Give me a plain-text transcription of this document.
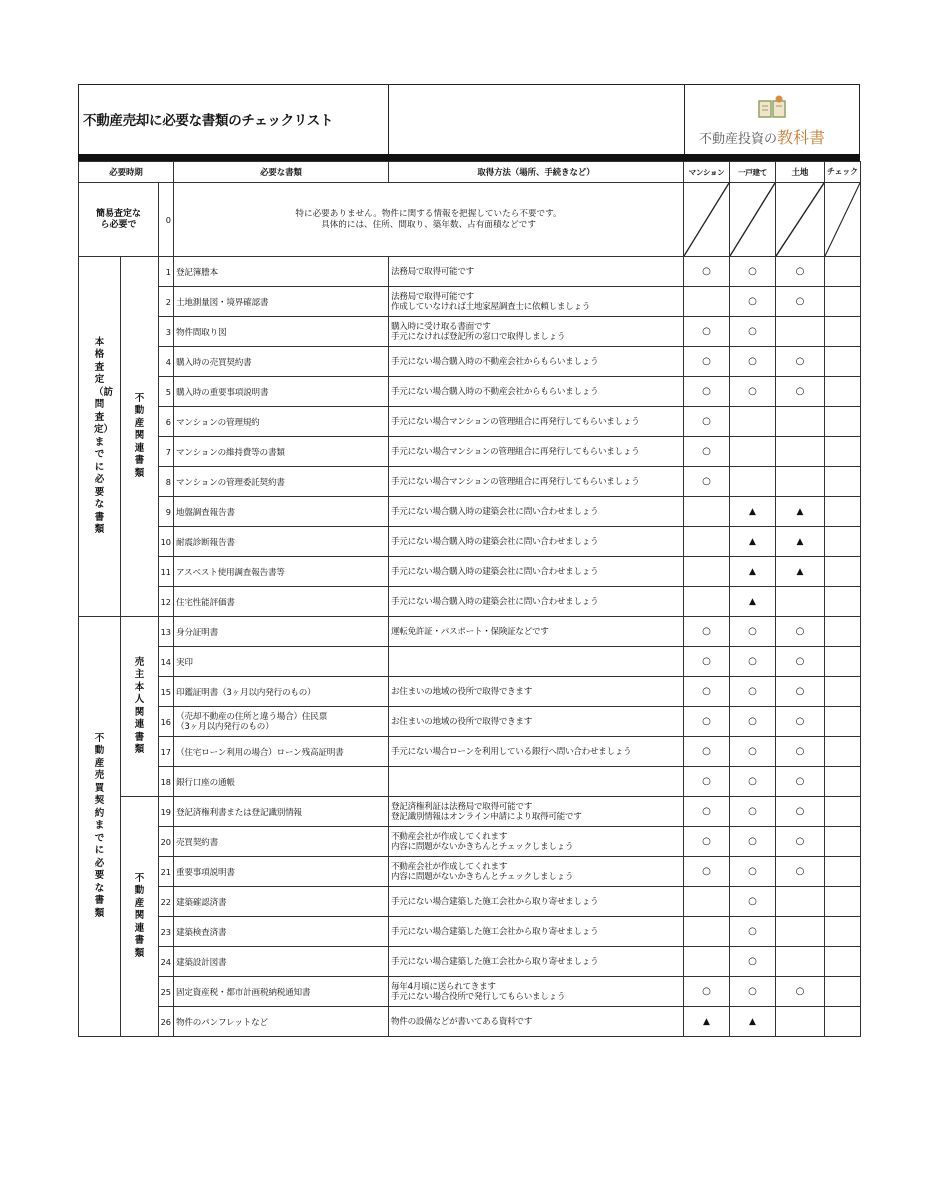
不動産売却に必要な書類のチェックリスト
不動産投資の教科書
必要時期			必要な書類	取得方法（場所、手続きなど）	マンション	一戸建て	土地	チェック
簡易査定なら必要で		0	特に必要ありません。物件に関する情報を把握していたら不要です。
具体的には、住所、間取り、築年数、占有面積などです

本格査定（訪問査定）までに必要な書類	不動産関連書類	1	登記簿謄本	法務局で取得可能です	○	○	○	
		2	土地測量図・境界確認書	法務局で取得可能です
作成していなければ土地家屋調査士に依頼しましょう		○	○	
		3	物件間取り図	購入時に受け取る書面です
手元になければ登記所の窓口で取得しましょう	○	○		
		4	購入時の売買契約書	手元にない場合購入時の不動産会社からもらいましょう	○	○	○	
		5	購入時の重要事項説明書	手元にない場合購入時の不動産会社からもらいましょう	○	○	○	
		6	マンションの管理規約	手元にない場合マンションの管理組合に再発行してもらいましょう	○			
		7	マンションの維持費等の書類	手元にない場合マンションの管理組合に再発行してもらいましょう	○			
		8	マンションの管理委託契約書	手元にない場合マンションの管理組合に再発行してもらいましょう	○			
		9	地盤調査報告書	手元にない場合購入時の建築会社に問い合わせましょう		▲	▲	
		10	耐震診断報告書	手元にない場合購入時の建築会社に問い合わせましょう		▲	▲	
		11	アスベスト使用調査報告書等	手元にない場合購入時の建築会社に問い合わせましょう		▲	▲	
		12	住宅性能評価書	手元にない場合購入時の建築会社に問い合わせましょう		▲		
不動産売買契約までに必要な書類	売主本人関連書類	13	身分証明書	運転免許証・パスポート・保険証などです	○	○	○	
		14	実印		○	○	○	
		15	印鑑証明書（3ヶ月以内発行のもの）	お住まいの地域の役所で取得できます	○	○	○	
		16	（売却不動産の住所と違う場合）住民票
（3ヶ月以内発行のもの）	お住まいの地域の役所で取得できます	○	○	○	
		17	（住宅ローン利用の場合）ローン残高証明書	手元にない場合ローンを利用している銀行へ問い合わせましょう	○	○	○	
		18	銀行口座の通帳		○	○	○	
	不動産関連書類	19	登記済権利書または登記識別情報	登記済権利証は法務局で取得可能です
登記識別情報はオンライン申請により取得可能です	○	○	○	
		20	売買契約書	不動産会社が作成してくれます
内容に問題がないかきちんとチェックしましょう	○	○	○	
		21	重要事項説明書	不動産会社が作成してくれます
内容に問題がないかきちんとチェックしましょう	○	○	○	
		22	建築確認済書	手元にない場合建築した施工会社から取り寄せましょう		○		
		23	建築検査済書	手元にない場合建築した施工会社から取り寄せましょう		○		
		24	建築設計図書	手元にない場合建築した施工会社から取り寄せましょう		○		
		25	固定資産税・都市計画税納税通知書	毎年4月頃に送られてきます
手元にない場合役所で発行してもらいましょう	○	○	○	
		26	物件のパンフレットなど	物件の設備などが書いてある資料です	▲	▲		
